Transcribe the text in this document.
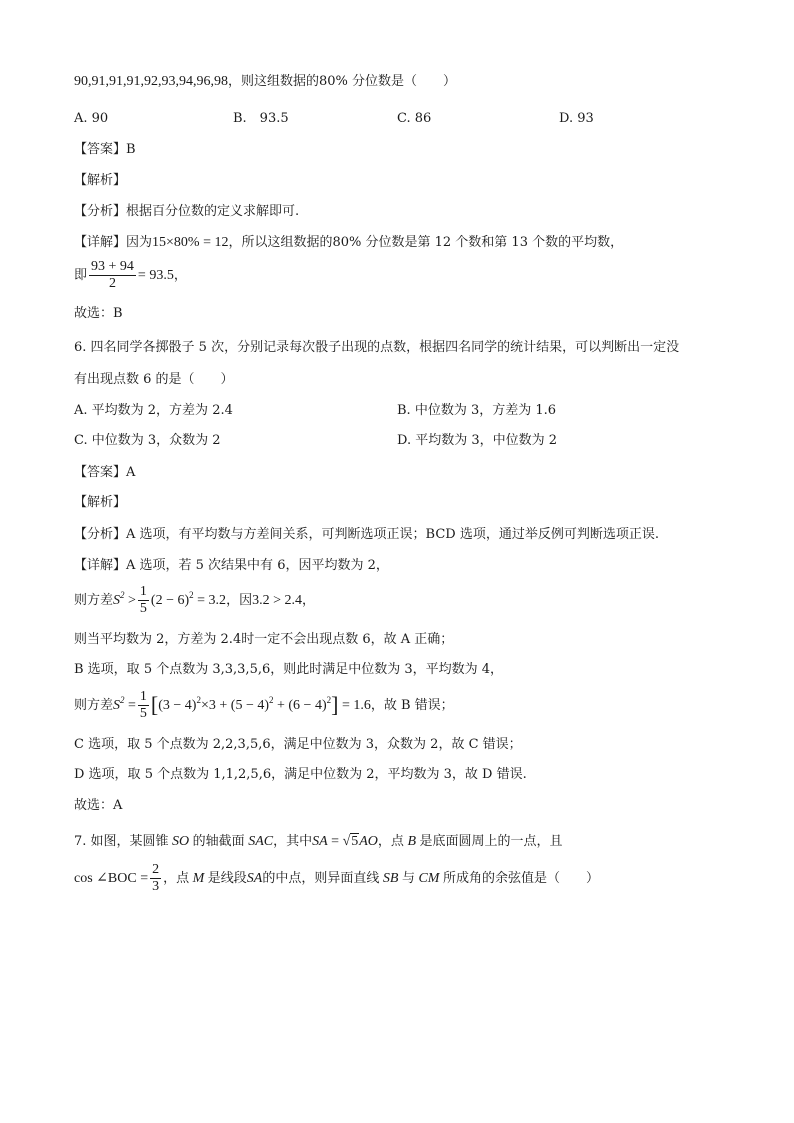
90,91,91,91,92,93,94,96,98，则这组数据的80% 分位数是（　　）
A. 90	B.　93.5	C. 86	D. 93
【答案】B
【解析】
【分析】根据百分位数的定义求解即可.
【详解】因为15×80% = 12，所以这组数据的80% 分位数是第 12 个数和第 13 个数的平均数，
即 $\frac{93 + 94}{2} = 93.5$，
故选：B
6. 四名同学各掷骰子 5 次，分别记录每次骰子出现的点数，根据四名同学的统计结果，可以判断出一定没
有出现点数 6 的是（　　）
A. 平均数为 2，方差为 2.4	B. 中位数为 3，方差为 1.6
C. 中位数为 3，众数为 2	D. 平均数为 3，中位数为 2
【答案】A
【解析】
【分析】A 选项，有平均数与方差间关系，可判断选项正误；BCD 选项，通过举反例可判断选项正误.
【详解】A 选项，若 5 次结果中有 6，因平均数为 2，
则方差$S^2 > \frac{1}{5} (2 - 6)^2 = 3.2$，因3.2 > 2.4，
则当平均数为 2，方差为 2.4时一定不会出现点数 6，故 A 正确；
B 选项，取 5 个点数为 3,3,3,5,6，则此时满足中位数为 3，平均数为 4，
则方差$S^2 = \frac{1}{5} [(3 - 4)^2\times 3 + (5 - 4)^2 + (6 - 4)^2] = 1.6$，故 B 错误；
C 选项，取 5 个点数为 2,2,3,5,6，满足中位数为 3，众数为 2，故 C 错误；
D 选项，取 5 个点数为 1,1,2,5,6，满足中位数为 2，平均数为 3，故 D 错误.
故选：A
7. 如图，某圆锥 SO 的轴截面 SAC，其中SA = √5AO，点 B 是底面圆周上的一点，且
cos ∠BOC = $\frac{2}{3}$ ，点 M 是线段SA的中点，则异面直线 SB 与 CM 所成角的余弦值是（　　）
